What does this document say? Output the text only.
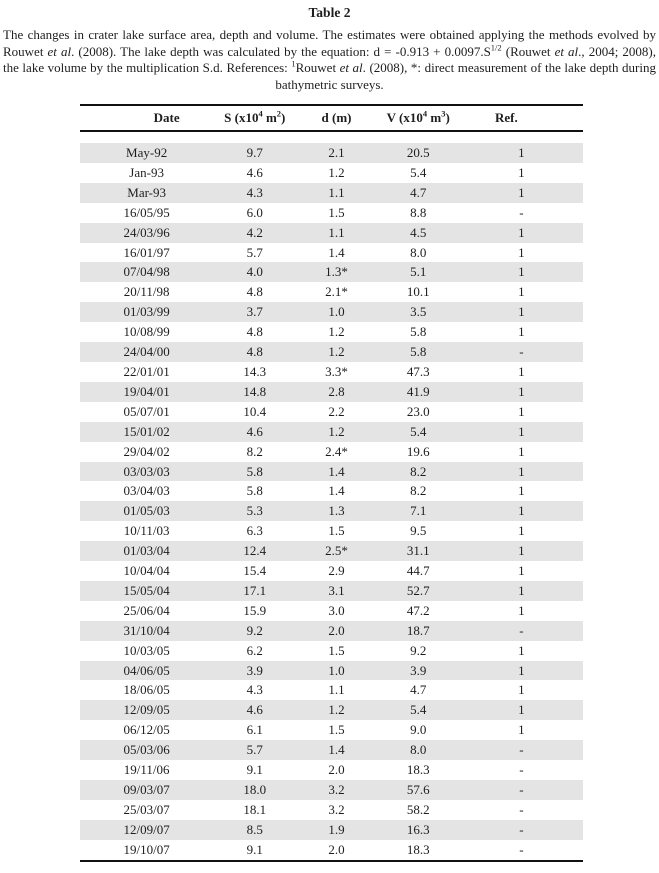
Table 2

The changes in crater lake surface area, depth and volume. The estimates were obtained applying the methods evolved by Rouwet et al. (2008). The lake depth was calculated by the equation: $d = -0.913 + 0.0097.S^{1/2}$ (Rouwet et al., 2004; 2008), the lake volume by the multiplication S.d. References: $^1$Rouwet et al. (2008), *: direct measurement of the lake depth during bathymetric surveys.

Date	S ($x10^4$ $m^2$)	d (m)	V ($x10^4$ $m^3$)	Ref.

May-92	9.7	2.1	20.5	1
Jan-93	4.6	1.2	5.4	1
Mar-93	4.3	1.1	4.7	1
16/05/95	6.0	1.5	8.8	-
24/03/96	4.2	1.1	4.5	1
16/01/97	5.7	1.4	8.0	1
07/04/98	4.0	1.3*	5.1	1
20/11/98	4.8	2.1*	10.1	1
01/03/99	3.7	1.0	3.5	1
10/08/99	4.8	1.2	5.8	1
24/04/00	4.8	1.2	5.8	-
22/01/01	14.3	3.3*	47.3	1
19/04/01	14.8	2.8	41.9	1
05/07/01	10.4	2.2	23.0	1
15/01/02	4.6	1.2	5.4	1
29/04/02	8.2	2.4*	19.6	1
03/03/03	5.8	1.4	8.2	1
03/04/03	5.8	1.4	8.2	1
01/05/03	5.3	1.3	7.1	1
10/11/03	6.3	1.5	9.5	1
01/03/04	12.4	2.5*	31.1	1
10/04/04	15.4	2.9	44.7	1
15/05/04	17.1	3.1	52.7	1
25/06/04	15.9	3.0	47.2	1
31/10/04	9.2	2.0	18.7	-
10/03/05	6.2	1.5	9.2	1
04/06/05	3.9	1.0	3.9	1
18/06/05	4.3	1.1	4.7	1
12/09/05	4.6	1.2	5.4	1
06/12/05	6.1	1.5	9.0	1
05/03/06	5.7	1.4	8.0	-
19/11/06	9.1	2.0	18.3	-
09/03/07	18.0	3.2	57.6	-
25/03/07	18.1	3.2	58.2	-
12/09/07	8.5	1.9	16.3	-
19/10/07	9.1	2.0	18.3	-
